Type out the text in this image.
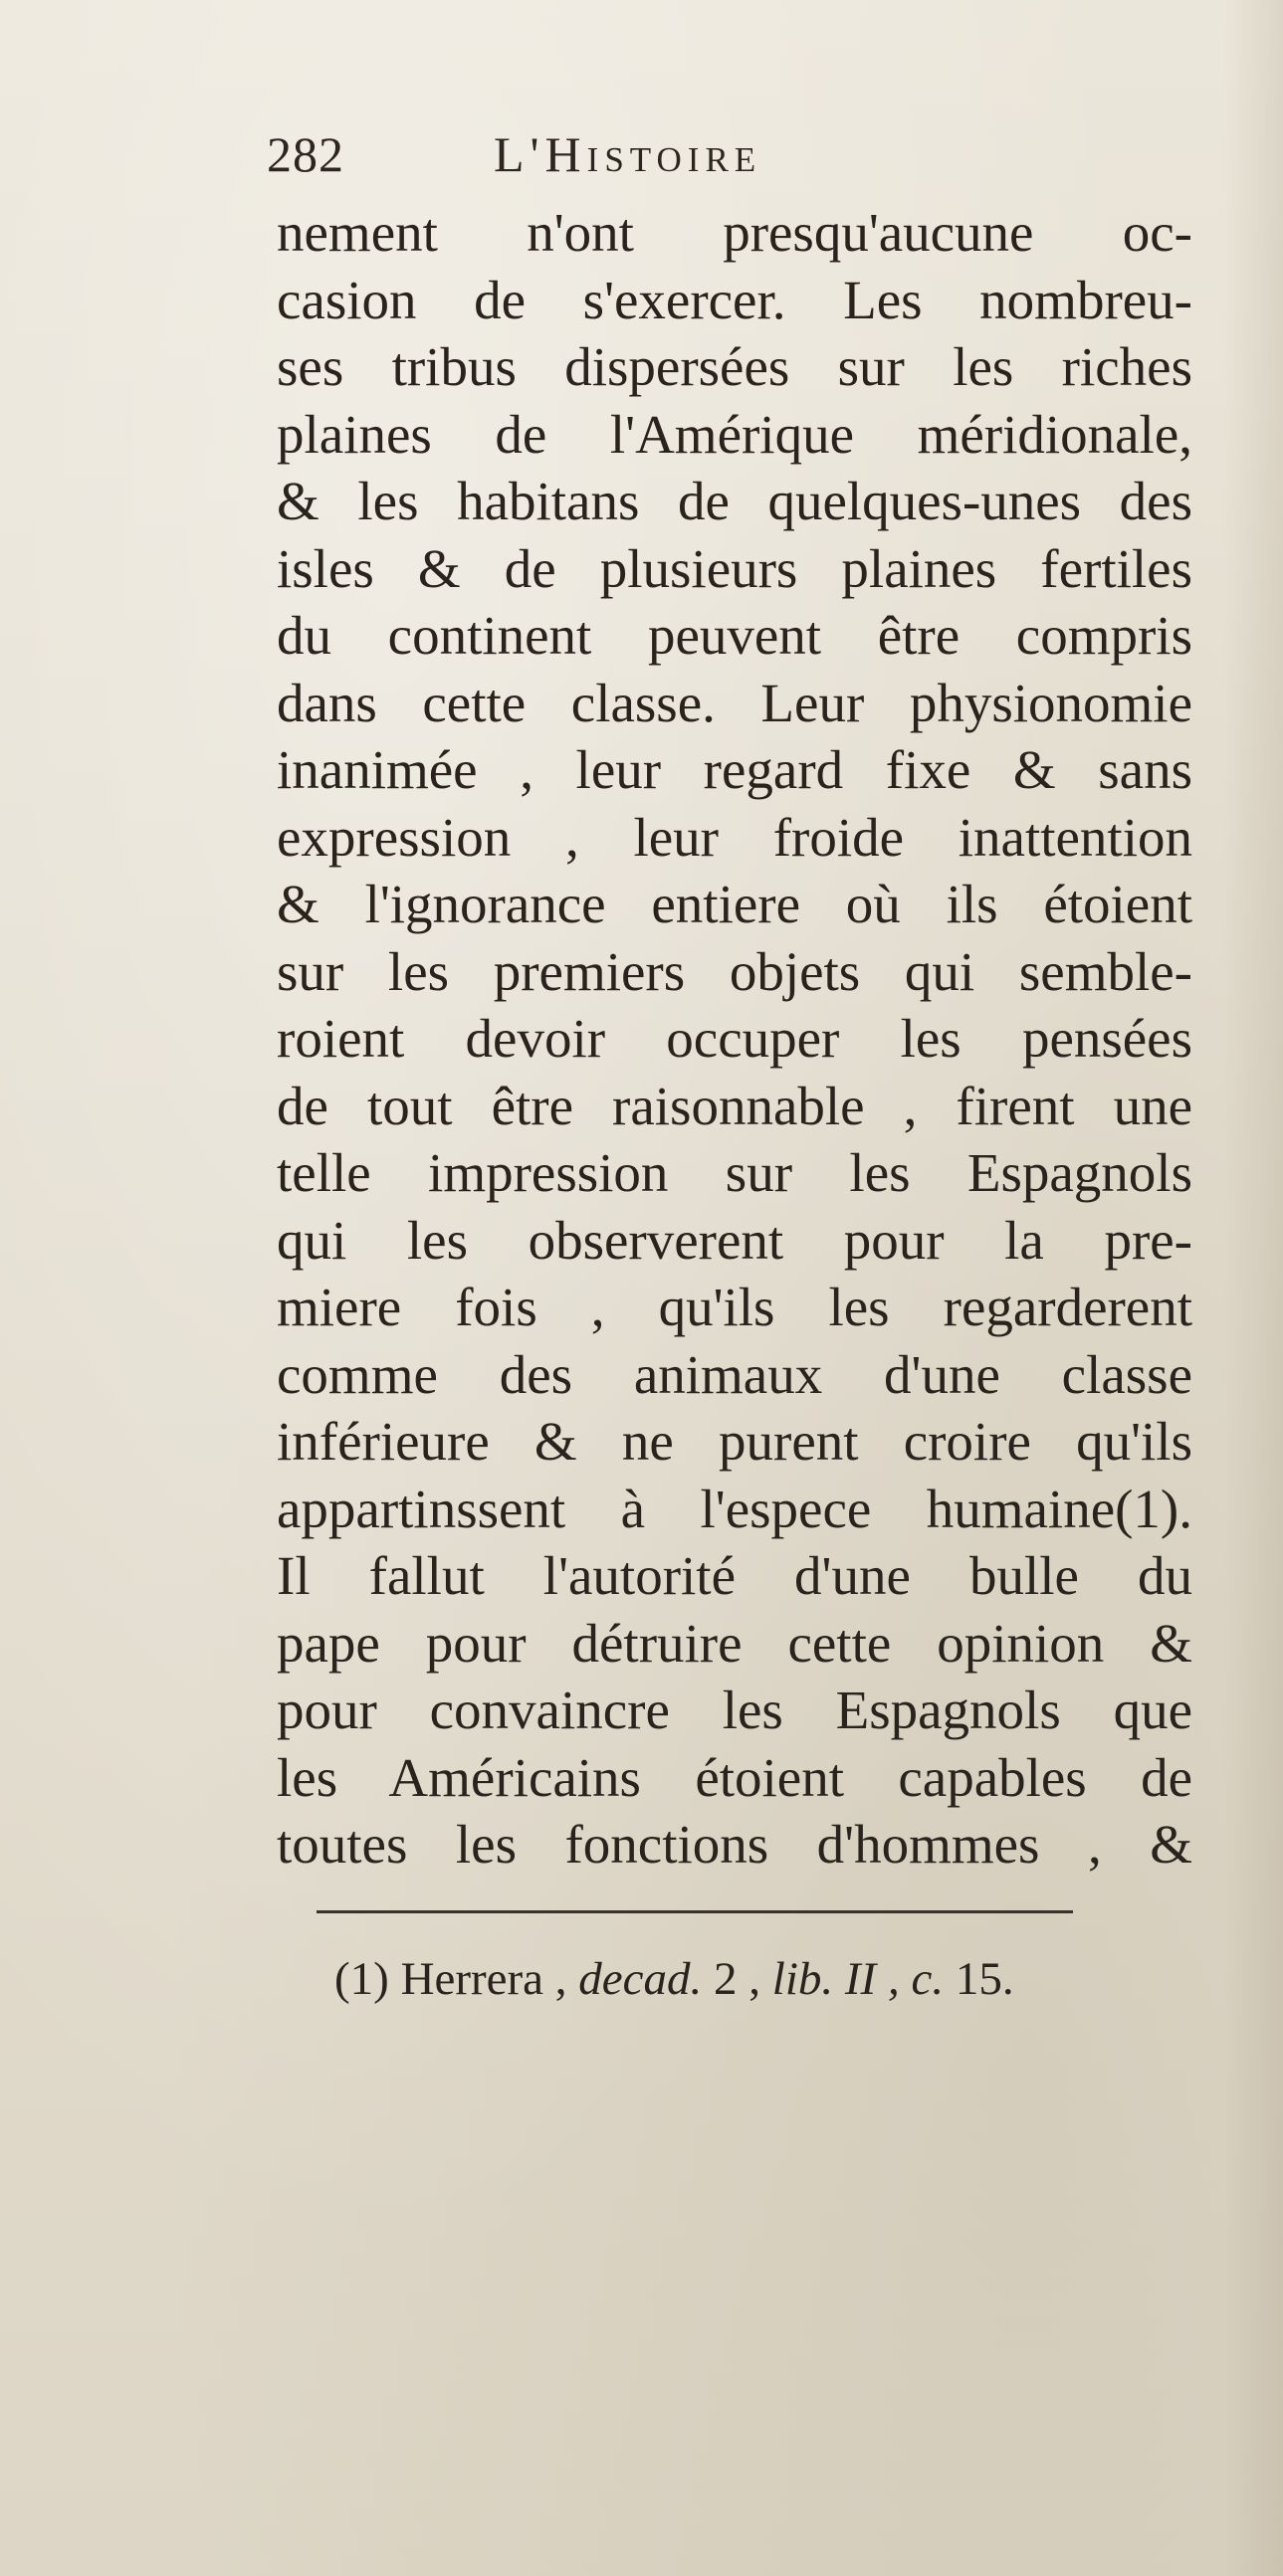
282	L'Histoire
nement n'ont presqu'aucune oc-
casion de s'exercer. Les nombreu-
ses tribus dispersées sur les riches
plaines de l'Amérique méridionale,
& les habitans de quelques-unes des
isles & de plusieurs plaines fertiles
du continent peuvent être compris
dans cette classe. Leur physionomie
inanimée , leur regard fixe & sans
expression , leur froide inattention
& l'ignorance entiere où ils étoient
sur les premiers objets qui semble-
roient devoir occuper les pensées
de tout être raisonnable , firent une
telle impression sur les Espagnols
qui les observerent pour la pre-
miere fois , qu'ils les regarderent
comme des animaux d'une classe
inférieure & ne purent croire qu'ils
appartinssent à l'espece humaine(1).
Il fallut l'autorité d'une bulle du
pape pour détruire cette opinion &
pour convaincre les Espagnols que
les Américains étoient capables de
toutes les fonctions d'hommes , &
(1) Herrera , decad. 2 , lib. II , c. 15.
